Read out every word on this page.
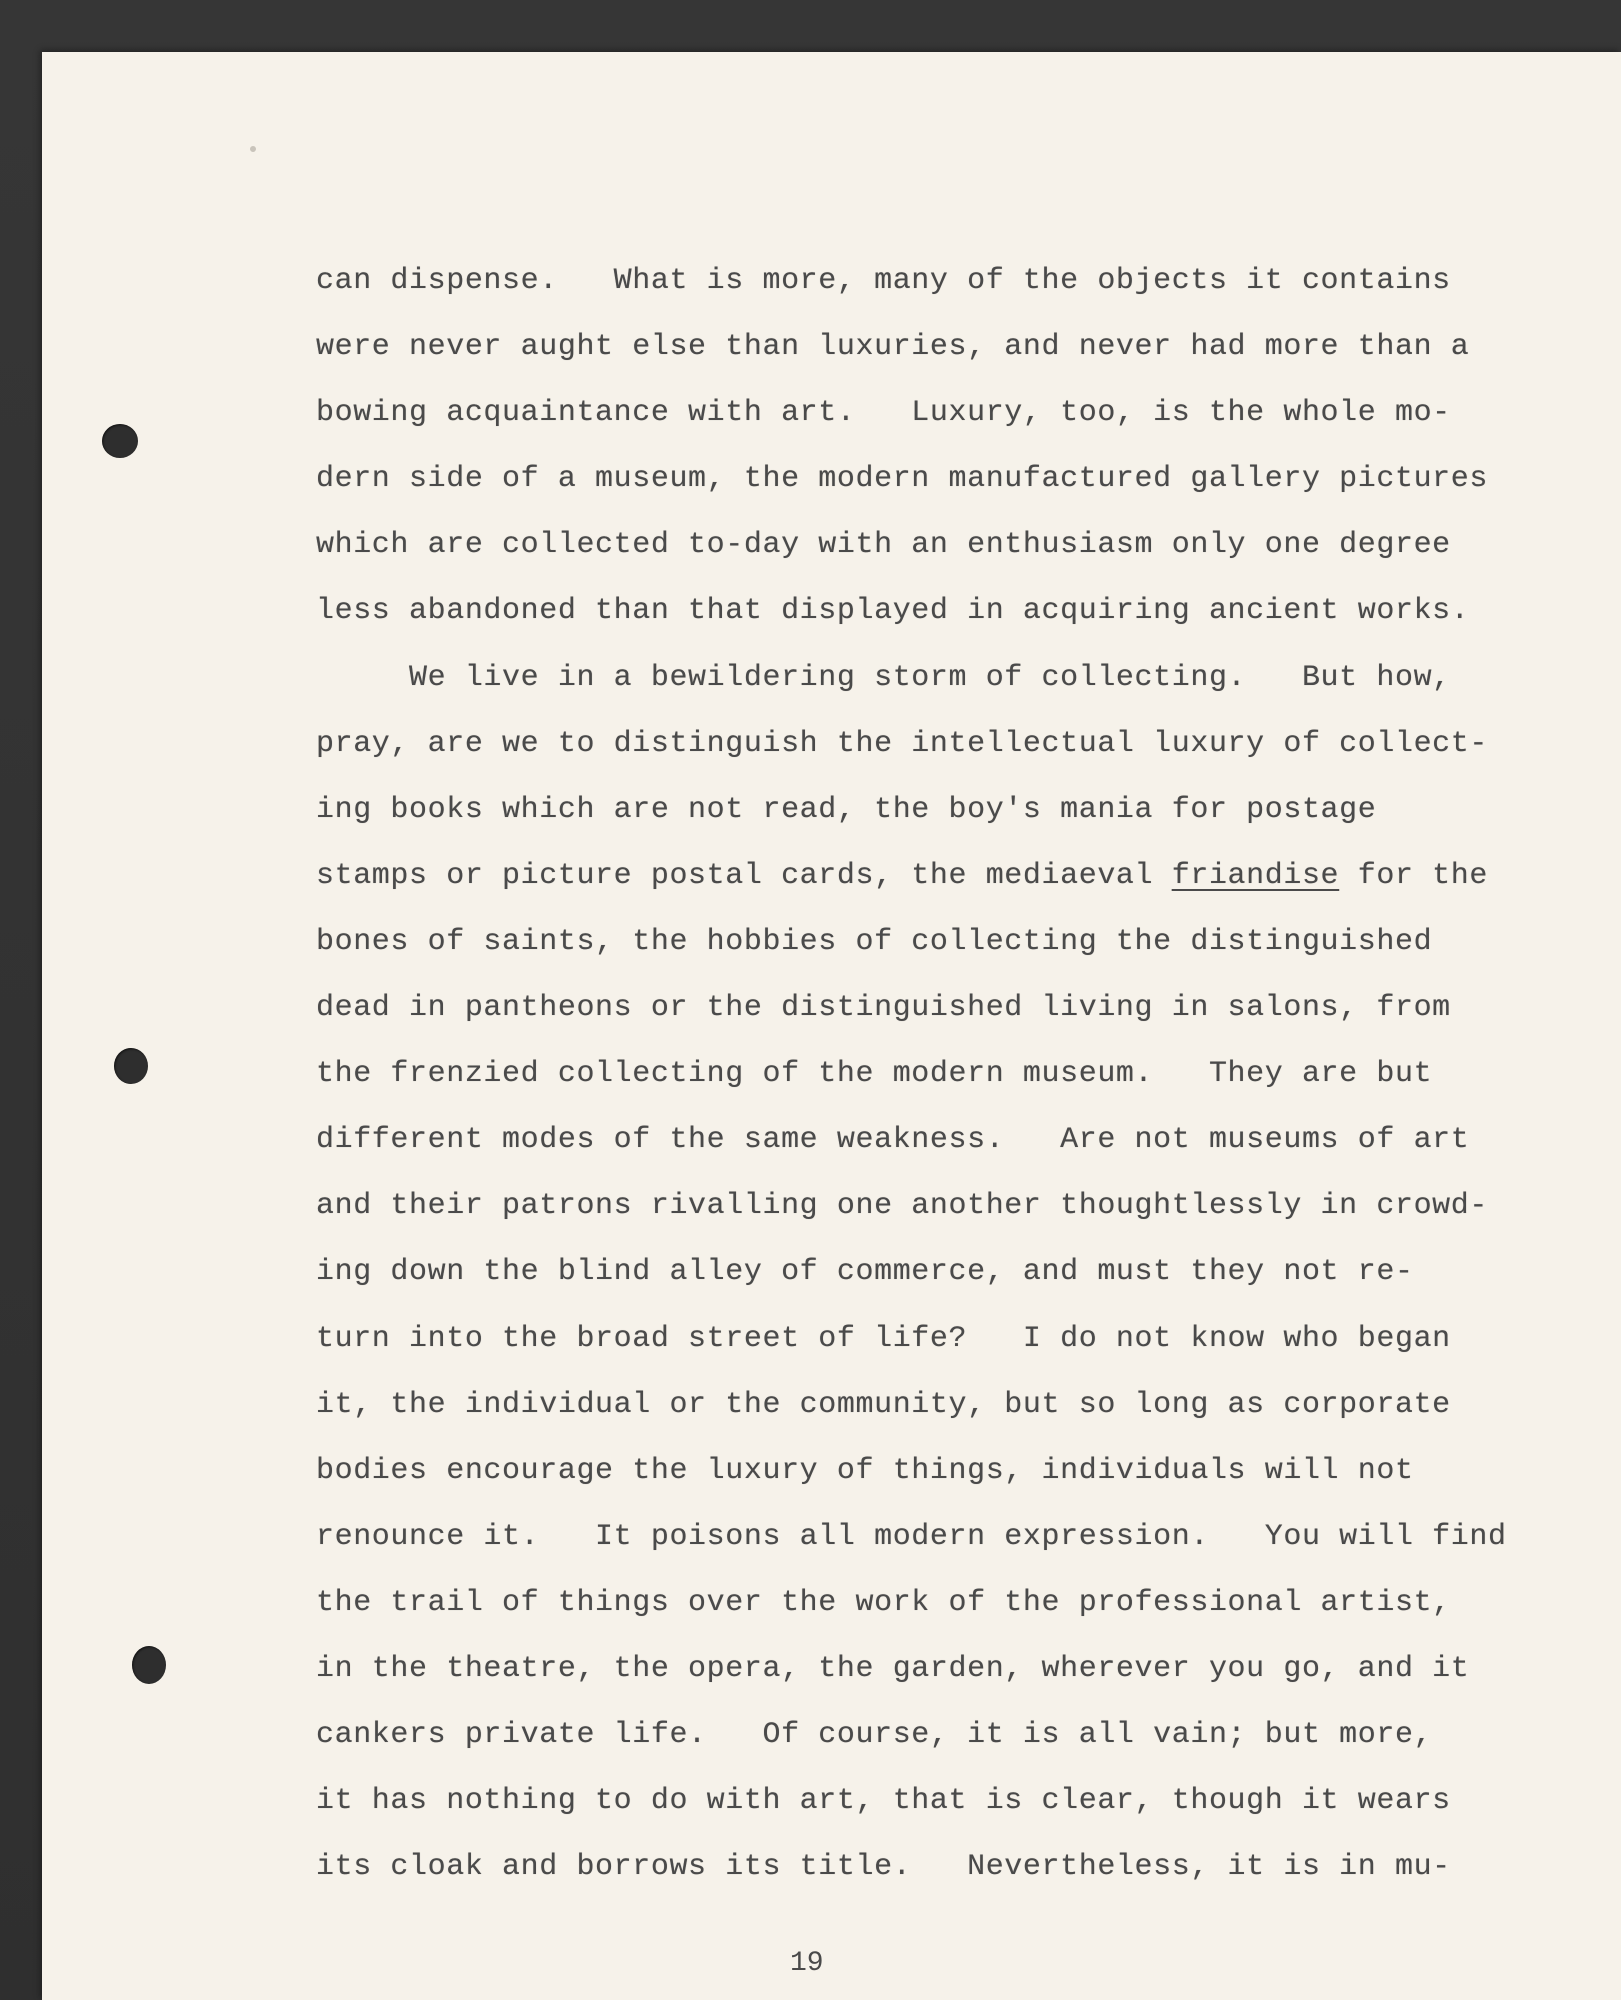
can dispense.   What is more, many of the objects it contains
were never aught else than luxuries, and never had more than a
bowing acquaintance with art.   Luxury, too, is the whole mo-
dern side of a museum, the modern manufactured gallery pictures
which are collected to-day with an enthusiasm only one degree
less abandoned than that displayed in acquiring ancient works.
We live in a bewildering storm of collecting.   But how,
pray, are we to distinguish the intellectual luxury of collect-
ing books which are not read, the boy's mania for postage
stamps or picture postal cards, the mediaeval friandise for the
bones of saints, the hobbies of collecting the distinguished
dead in pantheons or the distinguished living in salons, from
the frenzied collecting of the modern museum.   They are but
different modes of the same weakness.   Are not museums of art
and their patrons rivalling one another thoughtlessly in crowd-
ing down the blind alley of commerce, and must they not re-
turn into the broad street of life?   I do not know who began
it, the individual or the community, but so long as corporate
bodies encourage the luxury of things, individuals will not
renounce it.   It poisons all modern expression.   You will find
the trail of things over the work of the professional artist,
in the theatre, the opera, the garden, wherever you go, and it
cankers private life.   Of course, it is all vain; but more,
it has nothing to do with art, that is clear, though it wears
its cloak and borrows its title.   Nevertheless, it is in mu-
19
